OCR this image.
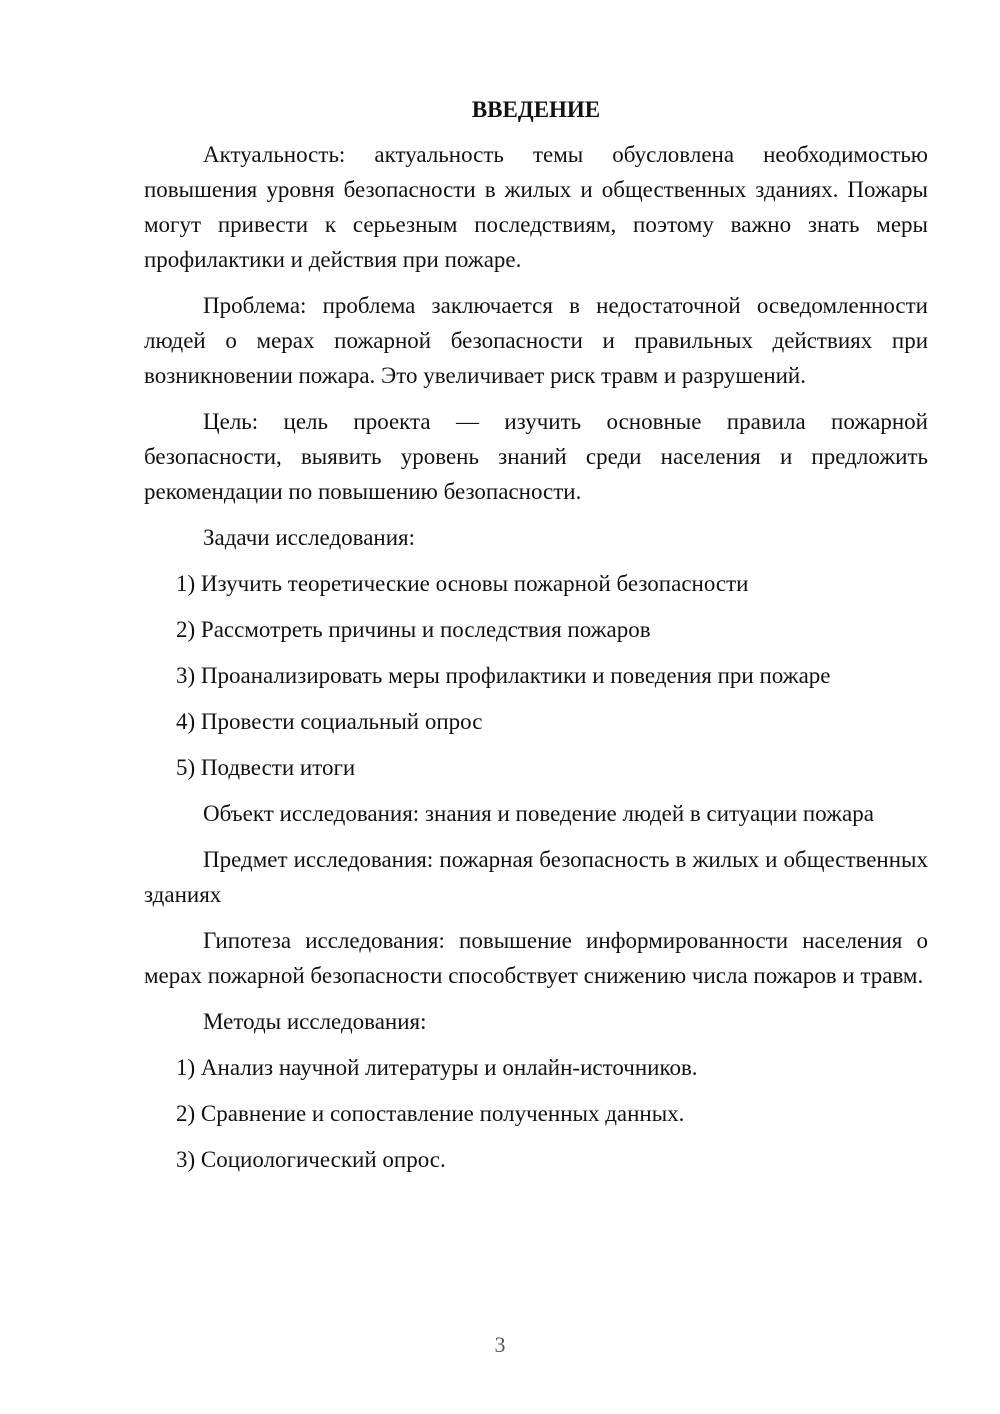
ВВЕДЕНИЕ

Актуальность: актуальность темы обусловлена необходимостью повышения уровня безопасности в жилых и общественных зданиях. Пожары могут привести к серьезным последствиям, поэтому важно знать меры профилактики и действия при пожаре.

Проблема: проблема заключается в недостаточной осведомленности людей о мерах пожарной безопасности и правильных действиях при возникновении пожара. Это увеличивает риск травм и разрушений.

Цель: цель проекта — изучить основные правила пожарной безопасности, выявить уровень знаний среди населения и предложить рекомендации по повышению безопасности.

Задачи исследования:

1) Изучить теоретические основы пожарной безопасности
2) Рассмотреть причины и последствия пожаров
3) Проанализировать меры профилактики и поведения при пожаре
4) Провести социальный опрос
5) Подвести итоги

Объект исследования: знания и поведение людей в ситуации пожара

Предмет исследования: пожарная безопасность в жилых и общественных зданиях

Гипотеза исследования: повышение информированности населения о мерах пожарной безопасности способствует снижению числа пожаров и травм.

Методы исследования:

1) Анализ научной литературы и онлайн-источников.
2) Сравнение и сопоставление полученных данных.
3) Социологический опрос.
3
